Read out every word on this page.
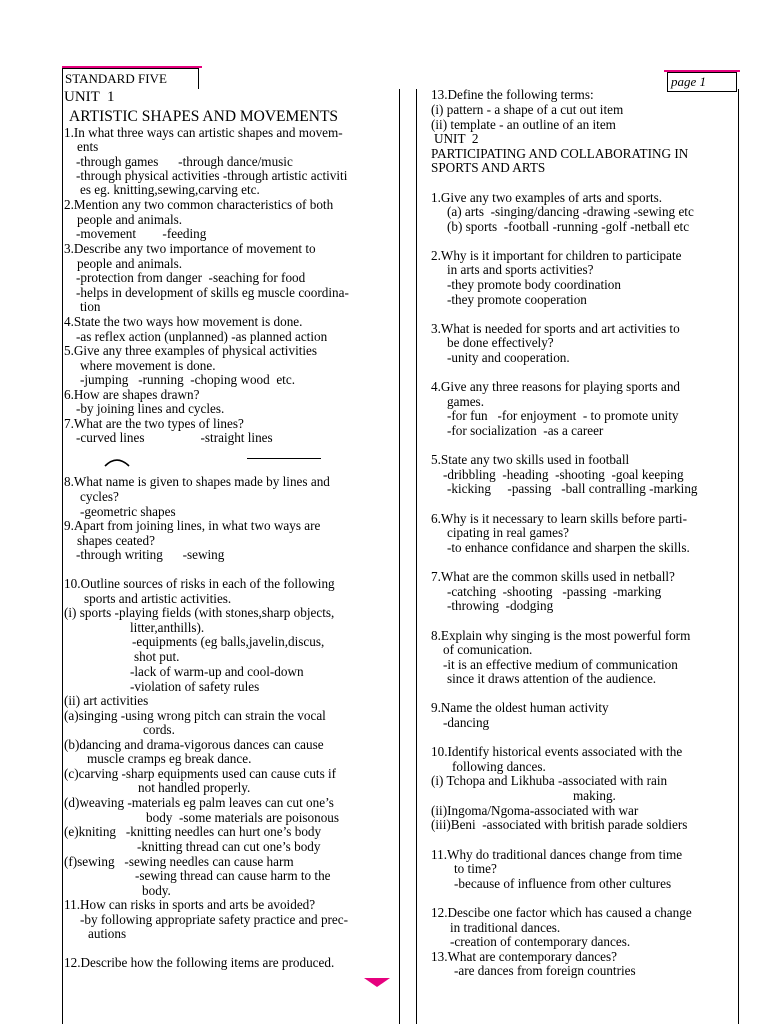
STANDARD FIVE	page 1
UNIT  1
ARTISTIC SHAPES AND MOVEMENTS
1.In what three ways can artistic shapes and movem-
ents
-through games      -through dance/music
-through physical activities -through artistic activiti
es eg. knitting,sewing,carving etc.
2.Mention any two common characteristics of both
people and animals.
-movement        -feeding
3.Describe any two importance of movement to
people and animals.
-protection from danger  -seaching for food
-helps in development of skills eg muscle coordina-
tion
4.State the two ways how movement is done.
-as reflex action (unplanned) -as planned action
5.Give any three examples of physical activities
where movement is done.
-jumping   -running  -choping wood  etc.
6.How are shapes drawn?
-by joining lines and cycles.
7.What are the two types of lines?
-curved lines                 -straight lines
8.What name is given to shapes made by lines and
cycles?
-geometric shapes
9.Apart from joining lines, in what two ways are
shapes ceated?
-through writing      -sewing
10.Outline sources of risks in each of the following
sports and artistic activities.
(i) sports -playing fields (with stones,sharp objects,
litter,anthills).
-equipments (eg balls,javelin,discus,
shot put.
-lack of warm-up and cool-down
-violation of safety rules
(ii) art activities
(a)singing -using wrong pitch can strain the vocal
cords.
(b)dancing and drama-vigorous dances can cause
muscle cramps eg break dance.
(c)carving -sharp equipments used can cause cuts if
not handled properly.
(d)weaving -materials eg palm leaves can cut one’s
body  -some materials are poisonous
(e)kniting   -knitting needles can hurt one’s body
-knitting thread can cut one’s body
(f)sewing   -sewing needles can cause harm
-sewing thread can cause harm to the
body.
11.How can risks in sports and arts be avoided?
-by following appropriate safety practice and prec-
autions
12.Describe how the following items are produced.
13.Define the following terms:
(i) pattern - a shape of a cut out item
(ii) template - an outline of an item
UNIT  2
PARTICIPATING AND COLLABORATING IN
SPORTS AND ARTS
1.Give any two examples of arts and sports.
(a) arts  -singing/dancing -drawing -sewing etc
(b) sports  -football -running -golf -netball etc
2.Why is it important for children to participate
in arts and sports activities?
-they promote body coordination
-they promote cooperation
3.What is needed for sports and art activities to
be done effectively?
-unity and cooperation.
4.Give any three reasons for playing sports and
games.
-for fun   -for enjoyment  - to promote unity
-for socialization  -as a career
5.State any two skills used in football
-dribbling  -heading  -shooting  -goal keeping
-kicking     -passing   -ball contralling -marking
6.Why is it necessary to learn skills before parti-
cipating in real games?
-to enhance confidance and sharpen the skills.
7.What are the common skills used in netball?
-catching  -shooting   -passing  -marking
-throwing  -dodging
8.Explain why singing is the most powerful form
of comunication.
-it is an effective medium of communication
since it draws attention of the audience.
9.Name the oldest human activity
-dancing
10.Identify historical events associated with the
following dances.
(i) Tchopa and Likhuba -associated with rain
making.
(ii)Ingoma/Ngoma-associated with war
(iii)Beni  -associated with british parade soldiers
11.Why do traditional dances change from time
to time?
-because of influence from other cultures
12.Descibe one factor which has caused a change
in traditional dances.
-creation of contemporary dances.
13.What are contemporary dances?
-are dances from foreign countries
